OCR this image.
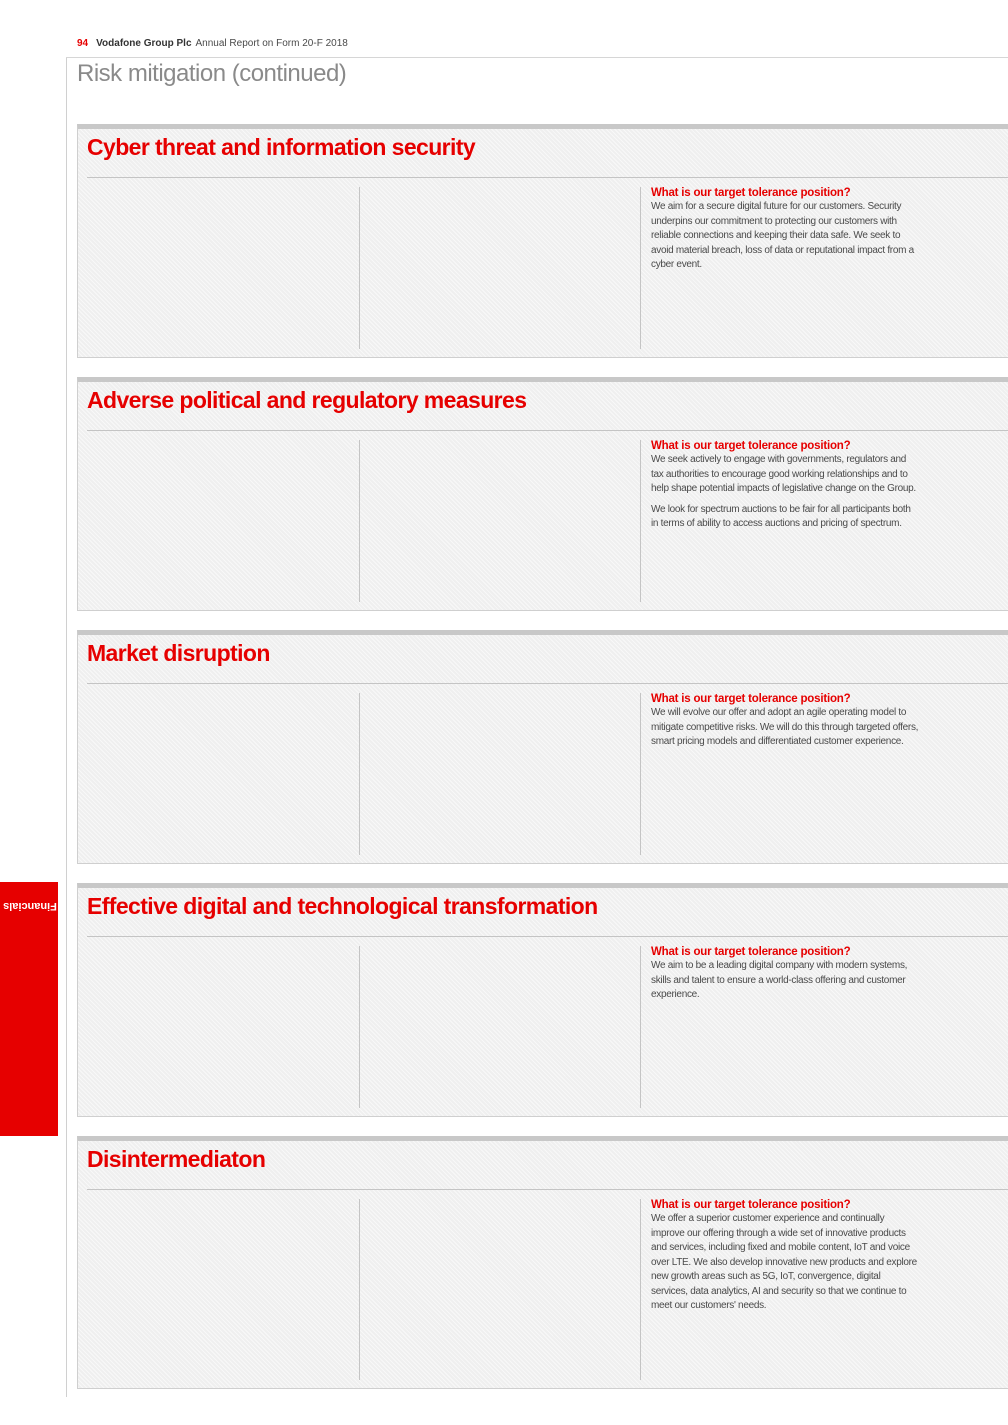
94 Vodafone Group Plc Annual Report on Form 20-F 2018
Risk mitigation (continued)
Financials
Cyber threat and information security
What is our target tolerance position?

We aim for a secure digital future for our customers. Security underpins our commitment to protecting our customers with reliable connections and keeping their data safe. We seek to avoid material breach, loss of data or reputational impact from a cyber event.

Adverse political and regulatory measures
What is our target tolerance position?

We seek actively to engage with governments, regulators and tax authorities to encourage good working relationships and to help shape potential impacts of legislative change on the Group.

We look for spectrum auctions to be fair for all participants both in terms of ability to access auctions and pricing of spectrum.

Market disruption
What is our target tolerance position?

We will evolve our offer and adopt an agile operating model to mitigate competitive risks. We will do this through targeted offers, smart pricing models and differentiated customer experience.

Effective digital and technological transformation
What is our target tolerance position?

We aim to be a leading digital company with modern systems, skills and talent to ensure a world-class offering and customer experience.

Disintermediaton
What is our target tolerance position?

We offer a superior customer experience and continually improve our offering through a wide set of innovative products and services, including fixed and mobile content, IoT and voice over LTE. We also develop innovative new products and explore new growth areas such as 5G, IoT, convergence, digital services, data analytics, AI and security so that we continue to meet our customers' needs.
